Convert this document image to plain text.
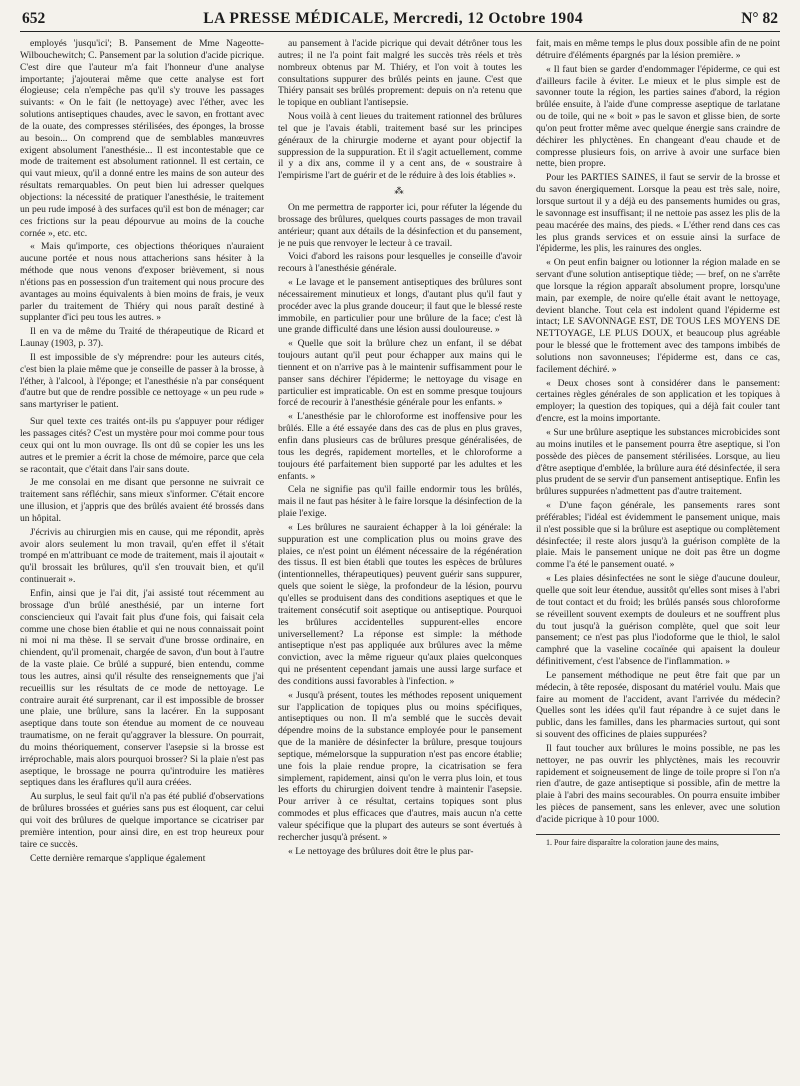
652	LA PRESSE MÉDICALE, Mercredi, 12 Octobre 1904	N° 82

employés 'jusqu'ici'; B. Pansement de Mme Nageotte-Wilbouchewitch; C. Pansement par la solution d'acide picrique. C'est dire que l'auteur m'a fait l'honneur d'une analyse importante; j'ajouterai même que cette analyse est fort élogieuse; cela n'empêche pas qu'il s'y trouve les passages suivants: « On le fait (le nettoyage) avec l'éther, avec les solutions antiseptiques chaudes, avec le savon, en frottant avec de la ouate, des compresses stérilisées, des éponges, la brosse au besoin... On comprend que de semblables manœuvres exigent absolument l'anesthésie... Il est incontestable que ce mode de traitement est absolument rationnel. Il est certain, ce qui vaut mieux, qu'il a donné entre les mains de son auteur des résultats remarquables. On peut bien lui adresser quelques objections: la nécessité de pratiquer l'anesthésie, le traitement un peu rude imposé à des surfaces qu'il est bon de ménager; car ces frictions sur la peau dépourvue au moins de la couche cornée », etc. etc.

« Mais qu'importe, ces objections théoriques n'auraient aucune portée et nous nous attacherions sans hésiter à la méthode que nous venons d'exposer brièvement, si nous n'étions pas en possession d'un traitement qui nous procure des avantages au moins équivalents à bien moins de frais, je veux parler du traitement de Thiéry qui nous paraît destiné à supplanter d'ici peu tous les autres. »

Il en va de même du Traité de thérapeutique de Ricard et Launay (1903, p. 37).

Il est impossible de s'y méprendre: pour les auteurs cités, c'est bien la plaie même que je conseille de passer à la brosse, à l'éther, à l'alcool, à l'éponge; et l'anesthésie n'a par conséquent d'autre but que de rendre possible ce nettoyage « un peu rude » sans martyriser le patient.

Sur quel texte ces traités ont-ils pu s'appuyer pour rédiger les passages cités? C'est un mystère pour moi comme pour tous ceux qui ont lu mon ouvrage. Ils ont dû se copier les uns les autres et le premier a écrit la chose de mémoire, parce que cela se racontait, que c'était dans l'air sans doute.

Je me consolai en me disant que personne ne suivrait ce traitement sans réfléchir, sans mieux s'informer. C'était encore une illusion, et j'appris que des brûlés avaient été brossés dans un hôpital.

J'écrivis au chirurgien mis en cause, qui me répondit, après avoir alors seulement lu mon travail, qu'en effet il s'était trompé en m'attribuant ce mode de traitement, mais il ajoutait « qu'il brossait les brûlures, qu'il s'en trouvait bien, et qu'il continuerait ».

Enfin, ainsi que je l'ai dit, j'ai assisté tout récemment au brossage d'un brûlé anesthésié, par un interne fort consciencieux qui l'avait fait plus d'une fois, qui faisait cela comme une chose bien établie et qui ne nous connaissait point ni moi ni ma thèse. Il se servait d'une brosse ordinaire, en chiendent, qu'il promenait, chargée de savon, d'un bout à l'autre de la vaste plaie. Ce brûlé a suppuré, bien entendu, comme tous les autres, ainsi qu'il résulte des renseignements que j'ai recueillis sur les résultats de ce mode de nettoyage. Le contraire aurait été surprenant, car il est impossible de brosser une plaie, une brûlure, sans la lacérer. En la supposant aseptique dans toute son étendue au moment de ce nouveau traumatisme, on ne ferait qu'aggraver la blessure. On pourrait, du moins théoriquement, conserver l'asepsie si la brosse est irréprochable, mais alors pourquoi brosser? Si la plaie n'est pas aseptique, le brossage ne pourra qu'introduire les matières septiques dans les éraflures qu'il aura créées.

Au surplus, le seul fait qu'il n'a pas été publié d'observations de brûlures brossées et guéries sans pus est éloquent, car celui qui voit des brûlures de quelque importance se cicatriser par première intention, pour ainsi dire, en est trop heureux pour taire ce succès.

Cette dernière remarque s'applique également

au pansement à l'acide picrique qui devait détrôner tous les autres; il ne l'a point fait malgré les succès très réels et très nombreux obtenus par M. Thiéry, et l'on voit à toutes les consultations suppurer des brûlés peints en jaune. C'est que Thiéry pansait ses brûlés proprement: depuis on n'a retenu que le topique en oubliant l'antisepsie.

Nous voilà à cent lieues du traitement rationnel des brûlures tel que je l'avais établi, traitement basé sur les principes généraux de la chirurgie moderne et ayant pour objectif la suppression de la suppuration. Et il s'agit actuellement, comme il y a dix ans, comme il y a cent ans, de « soustraire à l'empirisme l'art de guérir et de le réduire à des lois établies ».

⁂

On me permettra de rapporter ici, pour réfuter la légende du brossage des brûlures, quelques courts passages de mon travail antérieur; quant aux détails de la désinfection et du pansement, je ne puis que renvoyer le lecteur à ce travail.

Voici d'abord les raisons pour lesquelles je conseille d'avoir recours à l'anesthésie générale.

« Le lavage et le pansement antiseptiques des brûlures sont nécessairement minutieux et longs, d'autant plus qu'il faut y procéder avec la plus grande douceur; il faut que le blessé reste immobile, en particulier pour une brûlure de la face; c'est là une grande difficulté dans une lésion aussi douloureuse. »

« Quelle que soit la brûlure chez un enfant, il se débat toujours autant qu'il peut pour échapper aux mains qui le tiennent et on n'arrive pas à le maintenir suffisamment pour le panser sans déchirer l'épiderme; le nettoyage du visage en particulier est impraticable. On est en somme presque toujours forcé de recourir à l'anesthésie générale pour les enfants. »

« L'anesthésie par le chloroforme est inoffensive pour les brûlés. Elle a été essayée dans des cas de plus en plus graves, enfin dans plusieurs cas de brûlures presque généralisées, de tous les degrés, rapidement mortelles, et le chloroforme a toujours été parfaitement bien supporté par les adultes et les enfants. »

Cela ne signifie pas qu'il faille endormir tous les brûlés, mais il ne faut pas hésiter à le faire lorsque la désinfection de la plaie l'exige.

« Les brûlures ne sauraient échapper à la loi générale: la suppuration est une complication plus ou moins grave des plaies, ce n'est point un élément nécessaire de la régénération des tissus. Il est bien établi que toutes les espèces de brûlures (intentionnelles, thérapeutiques) peuvent guérir sans suppurer, quels que soient le siège, la profondeur de la lésion, pourvu qu'elles se produisent dans des conditions aseptiques et que le traitement consécutif soit aseptique ou antiseptique. Pourquoi les brûlures accidentelles suppurent-elles encore universellement? La réponse est simple: la méthode antiseptique n'est pas appliquée aux brûlures avec la même conviction, avec la même rigueur qu'aux plaies quelconques qui ne présentent cependant jamais une aussi large surface et des conditions aussi favorables à l'infection. »

« Jusqu'à présent, toutes les méthodes reposent uniquement sur l'application de topiques plus ou moins spécifiques, antiseptiques ou non. Il m'a semblé que le succès devait dépendre moins de la substance employée pour le pansement que de la manière de désinfecter la brûlure, presque toujours septique, mémelorsque la suppuration n'est pas encore établie; une fois la plaie rendue propre, la cicatrisation se fera simplement, rapidement, ainsi qu'on le verra plus loin, et tous les efforts du chirurgien doivent tendre à maintenir l'asepsie. Pour arriver à ce résultat, certains topiques sont plus commodes et plus efficaces que d'autres, mais aucun n'a cette valeur spécifique que la plupart des auteurs se sont évertués à rechercher jusqu'à présent. »

« Le nettoyage des brûlures doit être le plus par-

fait, mais en même temps le plus doux possible afin de ne point détruire d'éléments épargnés par la lésion première. »

« Il faut bien se garder d'endommager l'épiderme, ce qui est d'ailleurs facile à éviter. Le mieux et le plus simple est de savonner toute la région, les parties saines d'abord, la région brûlée ensuite, à l'aide d'une compresse aseptique de tarlatane ou de toile, qui ne « boit » pas le savon et glisse bien, de sorte qu'on peut frotter même avec quelque énergie sans craindre de déchirer les phlyctènes. En changeant d'eau chaude et de compresse plusieurs fois, on arrive à avoir une surface bien nette, bien propre.

Pour les PARTIES SAINES, il faut se servir de la brosse et du savon énergiquement. Lorsque la peau est très sale, noire, lorsque surtout il y a déjà eu des pansements humides ou gras, le savonnage est insuffisant; il ne nettoie pas assez les plis de la peau macérée des mains, des pieds. « L'éther rend dans ces cas les plus grands services et on essuie ainsi la surface de l'épiderme, les plis, les rainures des ongles.

« On peut enfin baigner ou lotionner la région malade en se servant d'une solution antiseptique tiède; — bref, on ne s'arrête que lorsque la région apparaît absolument propre, lorsqu'une main, par exemple, de noire qu'elle était avant le nettoyage, devient blanche. Tout cela est indolent quand l'épiderme est intact; LE SAVONNAGE EST, DE TOUS LES MOYENS DE NETTOYAGE, LE PLUS DOUX, et beaucoup plus agréable pour le blessé que le frottement avec des tampons imbibés de solutions non savonneuses; l'épiderme est, dans ce cas, facilement déchiré. »

« Deux choses sont à considérer dans le pansement: certaines règles générales de son application et les topiques à employer; la question des topiques, qui a déjà fait couler tant d'encre, est la moins importante.

« Sur une brûlure aseptique les substances microbicides sont au moins inutiles et le pansement pourra être aseptique, si l'on possède des pièces de pansement stérilisées. Lorsque, au lieu d'être aseptique d'emblée, la brûlure aura été désinfectée, il sera plus prudent de se servir d'un pansement antiseptique. Enfin les brûlures suppurées n'admettent pas d'autre traitement.

« D'une façon générale, les pansements rares sont préférables; l'idéal est évidemment le pansement unique, mais il n'est possible que si la brûlure est aseptique ou complètement désinfectée; il reste alors jusqu'à la guérison complète de la plaie. Mais le pansement unique ne doit pas être un dogme comme l'a été le pansement ouaté. »

« Les plaies désinfectées ne sont le siège d'aucune douleur, quelle que soit leur étendue, aussitôt qu'elles sont mises à l'abri de tout contact et du froid; les brûlés pansés sous chloroforme se réveillent souvent exempts de douleurs et ne souffrent plus du tout jusqu'à la guérison complète, quel que soit leur pansement; ce n'est pas plus l'iodoforme que le thiol, le salol camphré que la vaseline cocaïnée qui apaisent la douleur définitivement, c'est l'absence de l'inflammation. »

Le pansement méthodique ne peut être fait que par un médecin, à tête reposée, disposant du matériel voulu. Mais que faire au moment de l'accident, avant l'arrivée du médecin? Quelles sont les idées qu'il faut répandre à ce sujet dans le public, dans les familles, dans les pharmacies surtout, qui sont si souvent des officines de plaies suppurées?

Il faut toucher aux brûlures le moins possible, ne pas les nettoyer, ne pas ouvrir les phlyctènes, mais les recouvrir rapidement et soigneusement de linge de toile propre si l'on n'a rien d'autre, de gaze antiseptique si possible, afin de mettre la plaie à l'abri des mains secourables. On pourra ensuite imbiber les pièces de pansement, sans les enlever, avec une solution d'acide picrique à 10 pour 1000.

1. Pour faire disparaître la coloration jaune des mains,
